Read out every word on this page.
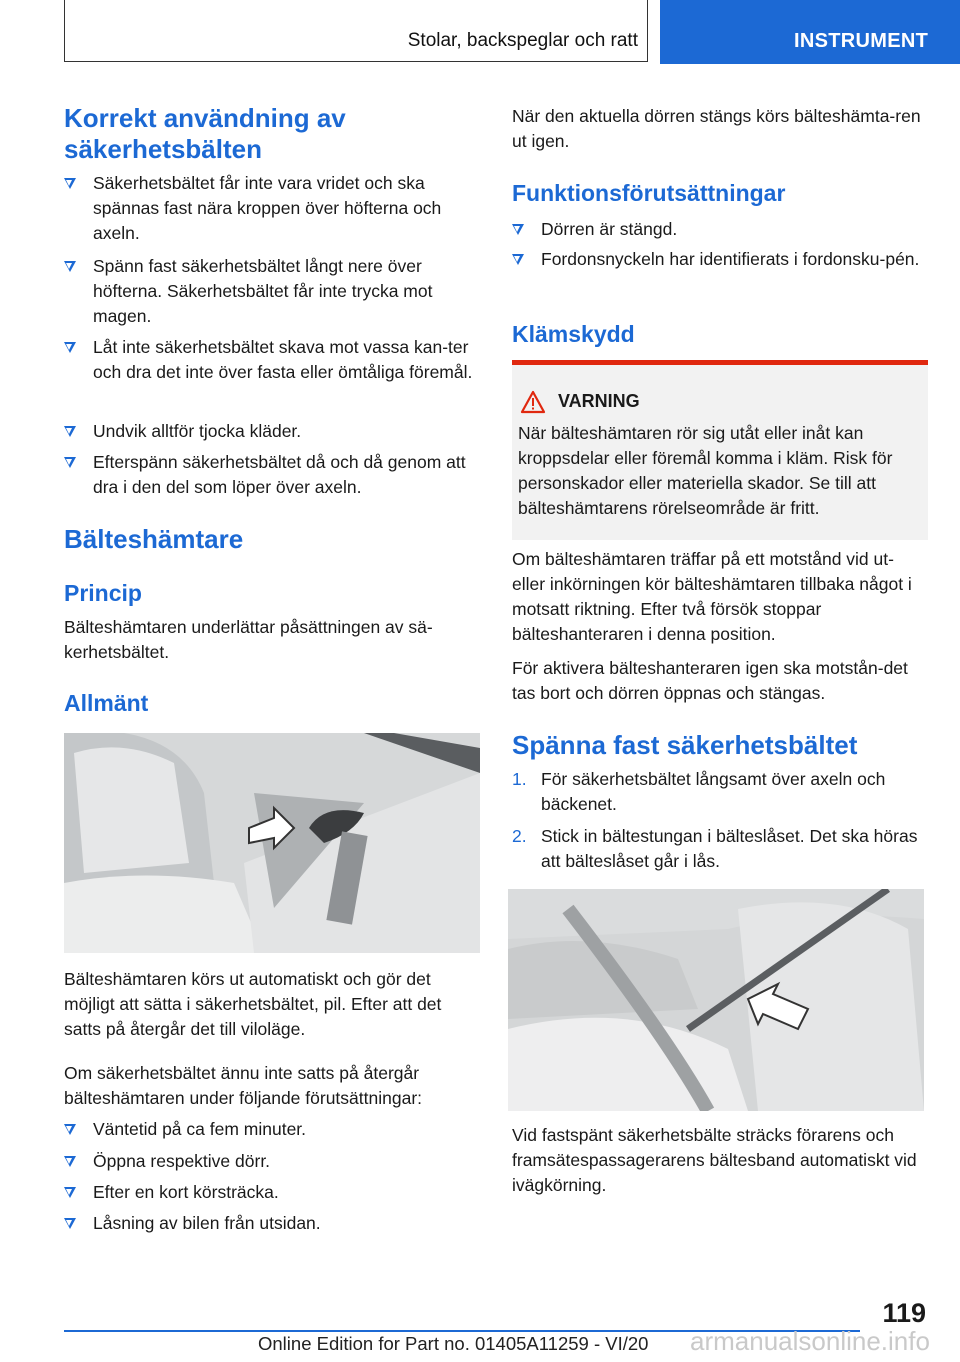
Stolar, backspeglar och ratt	INSTRUMENT
Korrekt användning av säkerhetsbälten
Säkerhetsbältet får inte vara vridet och ska spännas fast nära kroppen över höfterna och axeln.
Spänn fast säkerhetsbältet långt nere över höfterna. Säkerhetsbältet får inte trycka mot magen.
Låt inte säkerhetsbältet skava mot vassa kan-ter och dra det inte över fasta eller ömtåliga föremål.
Undvik alltför tjocka kläder.
Efterspänn säkerhetsbältet då och då genom att dra i den del som löper över axeln.
Bälteshämtare
Princip
Bälteshämtaren underlättar påsättningen av sä-kerhetsbältet.
Allmänt
Bälteshämtaren körs ut automatiskt och gör det möjligt att sätta i säkerhetsbältet, pil. Efter att det satts på återgår det till viloläge.
Om säkerhetsbältet ännu inte satts på återgår bälteshämtaren under följande förutsättningar:
Väntetid på ca fem minuter.
Öppna respektive dörr.
Efter en kort körsträcka.
Låsning av bilen från utsidan.
När den aktuella dörren stängs körs bälteshämta-ren ut igen.
Funktionsförutsättningar
Dörren är stängd.
Fordonsnyckeln har identifierats i fordonsku-pén.
Klämskydd
VARNING
När bälteshämtaren rör sig utåt eller inåt kan kroppsdelar eller föremål komma i kläm. Risk för personskador eller materiella skador. Se till att bälteshämtarens rörelseområde är fritt.
Om bälteshämtaren träffar på ett motstånd vid ut- eller inkörningen kör bälteshämtaren tillbaka något i motsatt riktning. Efter två försök stoppar bälteshanteraren i denna position.
För aktivera bälteshanteraren igen ska motstån-det tas bort och dörren öppnas och stängas.
Spänna fast säkerhetsbältet
1. För säkerhetsbältet långsamt över axeln och bäckenet.
2. Stick in bältestungan i bälteslåset. Det ska höras att bälteslåset går i lås.
Vid fastspänt säkerhetsbälte sträcks förarens och framsätespassagerarens bältesband automatiskt vid ivägkörning.
119
Online Edition for Part no. 01405A11259 - VI/20 armanualsonline.info
